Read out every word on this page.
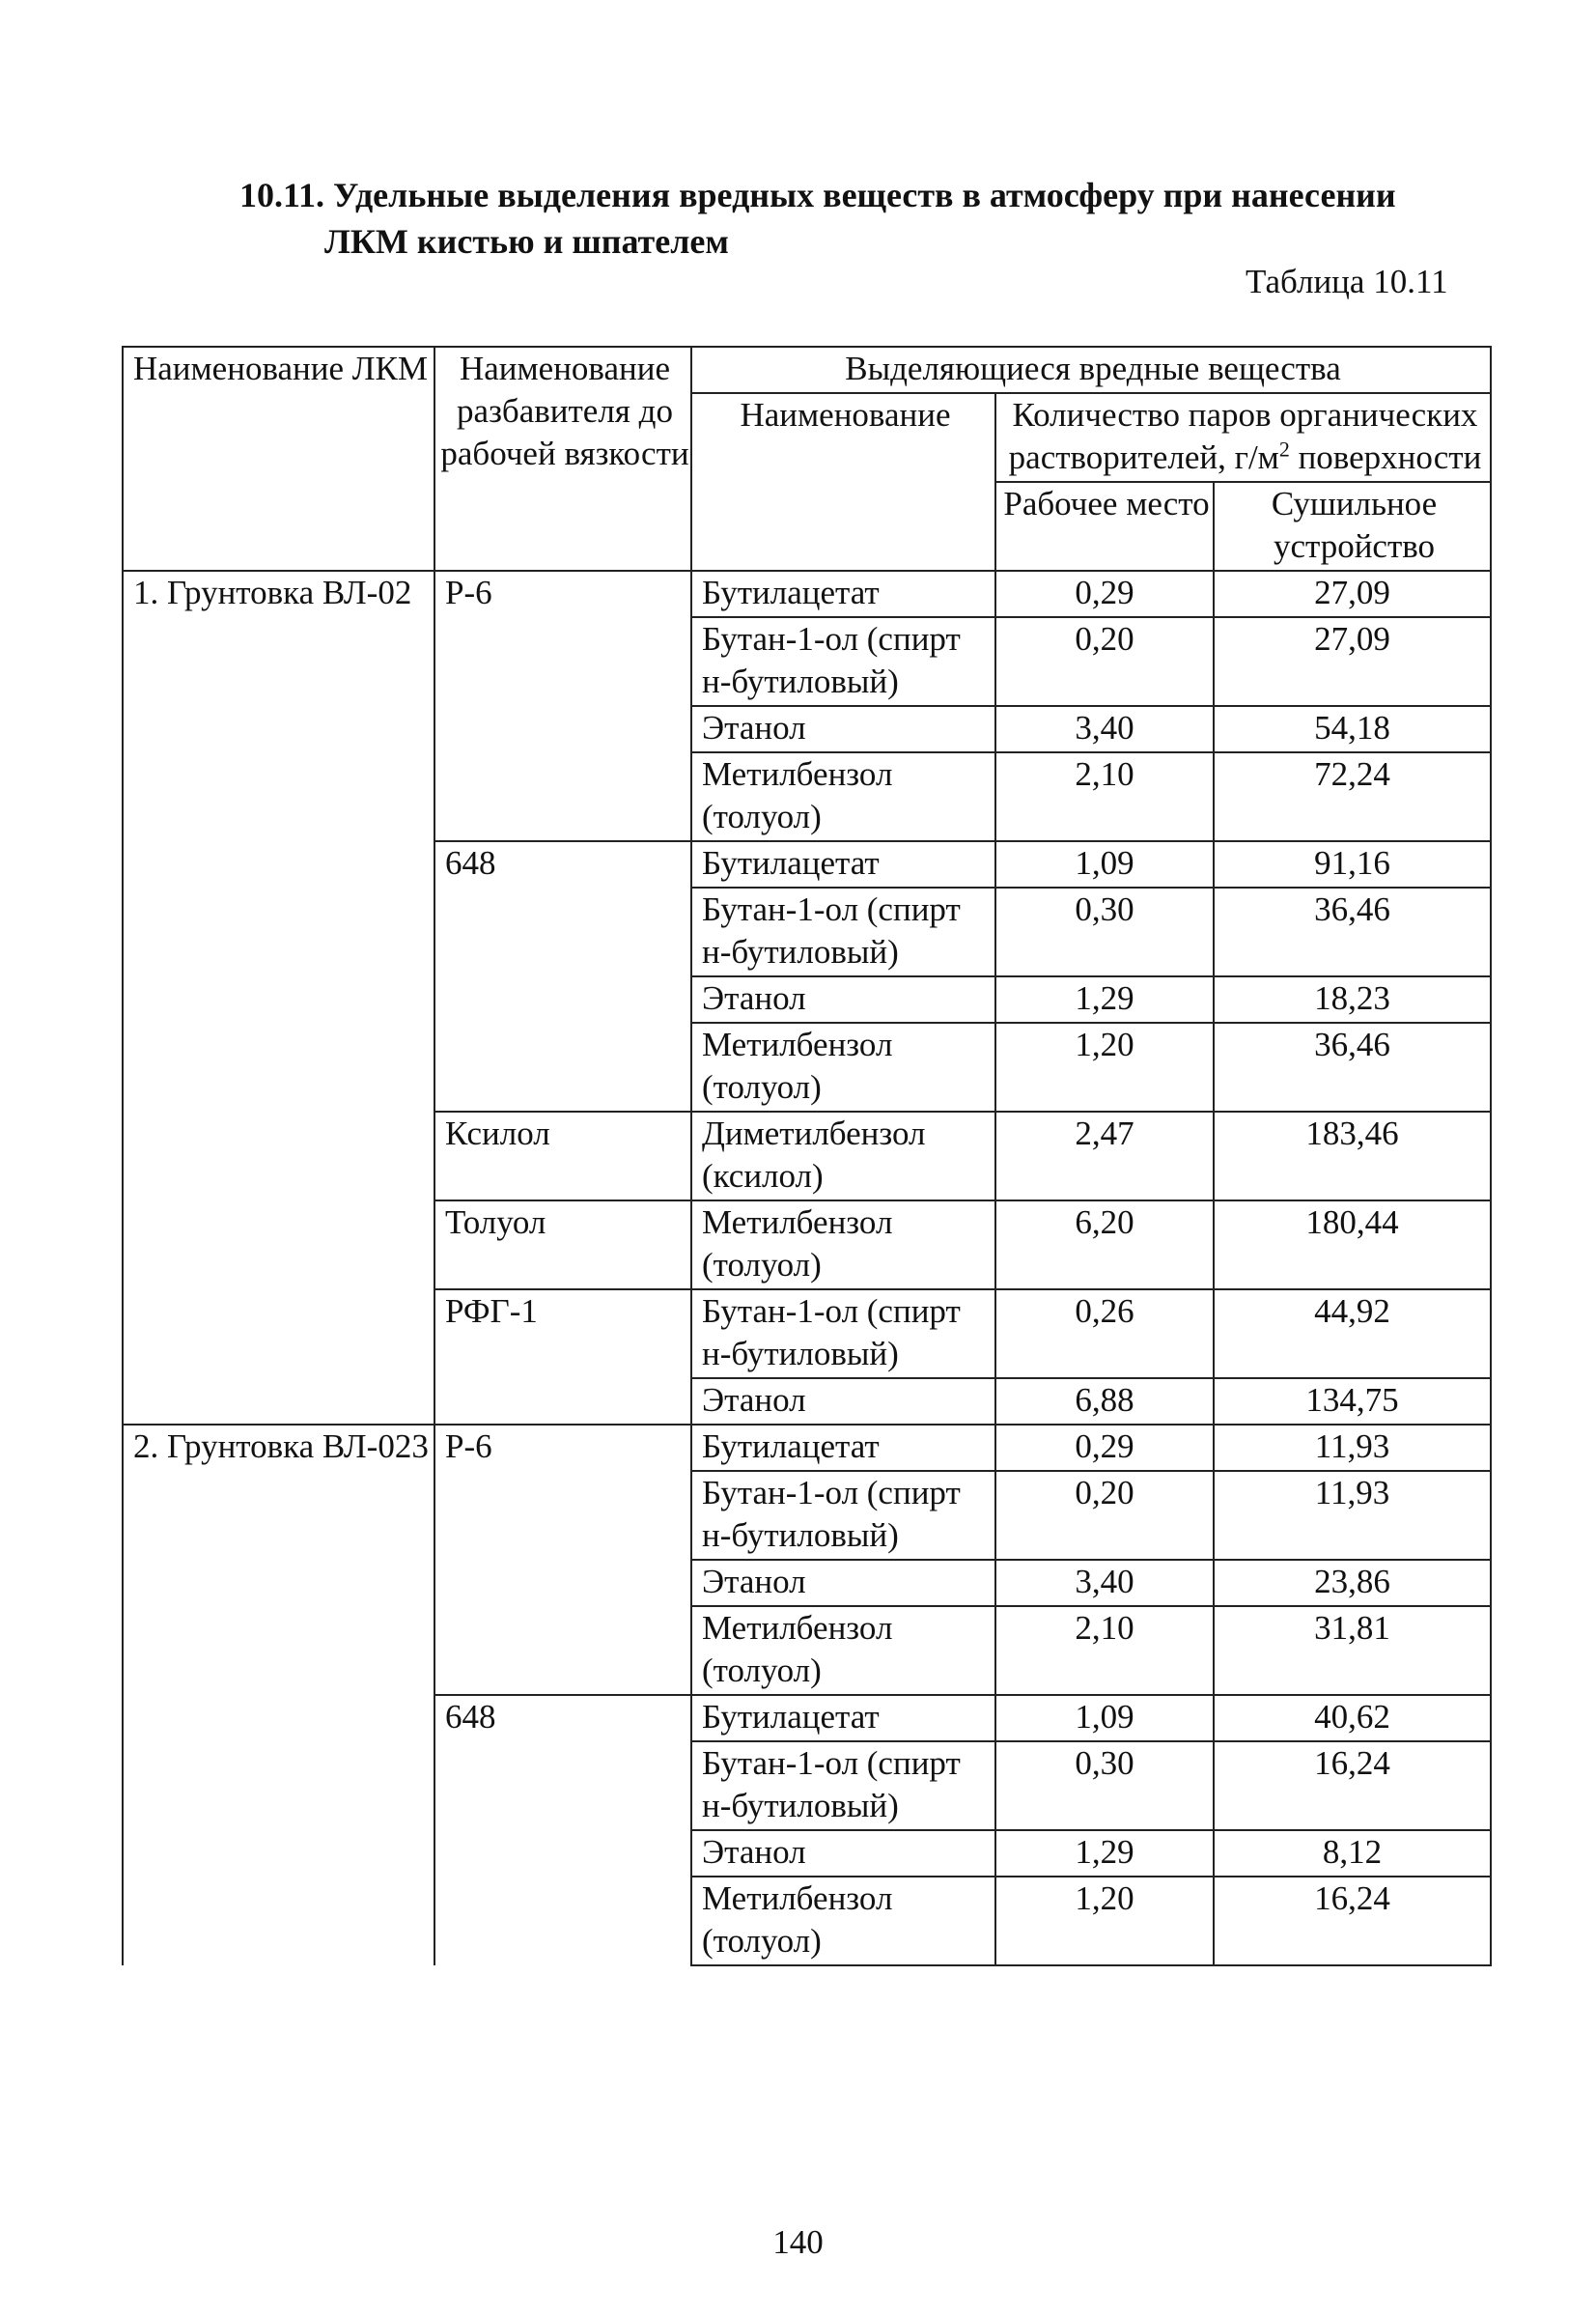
10.11. Удельные выделения вредных веществ в атмосферу при нанесении
ЛКМ кистью и шпателем
Таблица 10.11
Наименование ЛКМ	Наименование разбавителя до рабочей вязкости	Выделяющиеся вредные вещества		
		Наименование	Количество паров органических растворителей, $г/м^2$ поверхности	
			Рабочее место	Сушильное устройство
1. Грунтовка ВЛ-02	Р-6	Бутилацетат	0,29	27,09
		Бутан-1-ол (спирт н-бутиловый)	0,20	27,09
		Этанол	3,40	54,18
		Метилбензол (толуол)	2,10	72,24
	648	Бутилацетат	1,09	91,16
		Бутан-1-ол (спирт н-бутиловый)	0,30	36,46
		Этанол	1,29	18,23
		Метилбензол (толуол)	1,20	36,46
	Ксилол	Диметилбензол (ксилол)	2,47	183,46
	Толуол	Метилбензол (толуол)	6,20	180,44
	РФГ-1	Бутан-1-ол (спирт н-бутиловый)	0,26	44,92
		Этанол	6,88	134,75
2. Грунтовка ВЛ-023	Р-6	Бутилацетат	0,29	11,93
		Бутан-1-ол (спирт н-бутиловый)	0,20	11,93
		Этанол	3,40	23,86
		Метилбензол (толуол)	2,10	31,81
	648	Бутилацетат	1,09	40,62
		Бутан-1-ол (спирт н-бутиловый)	0,30	16,24
		Этанол	1,29	8,12
		Метилбензол (толуол)	1,20	16,24
140
